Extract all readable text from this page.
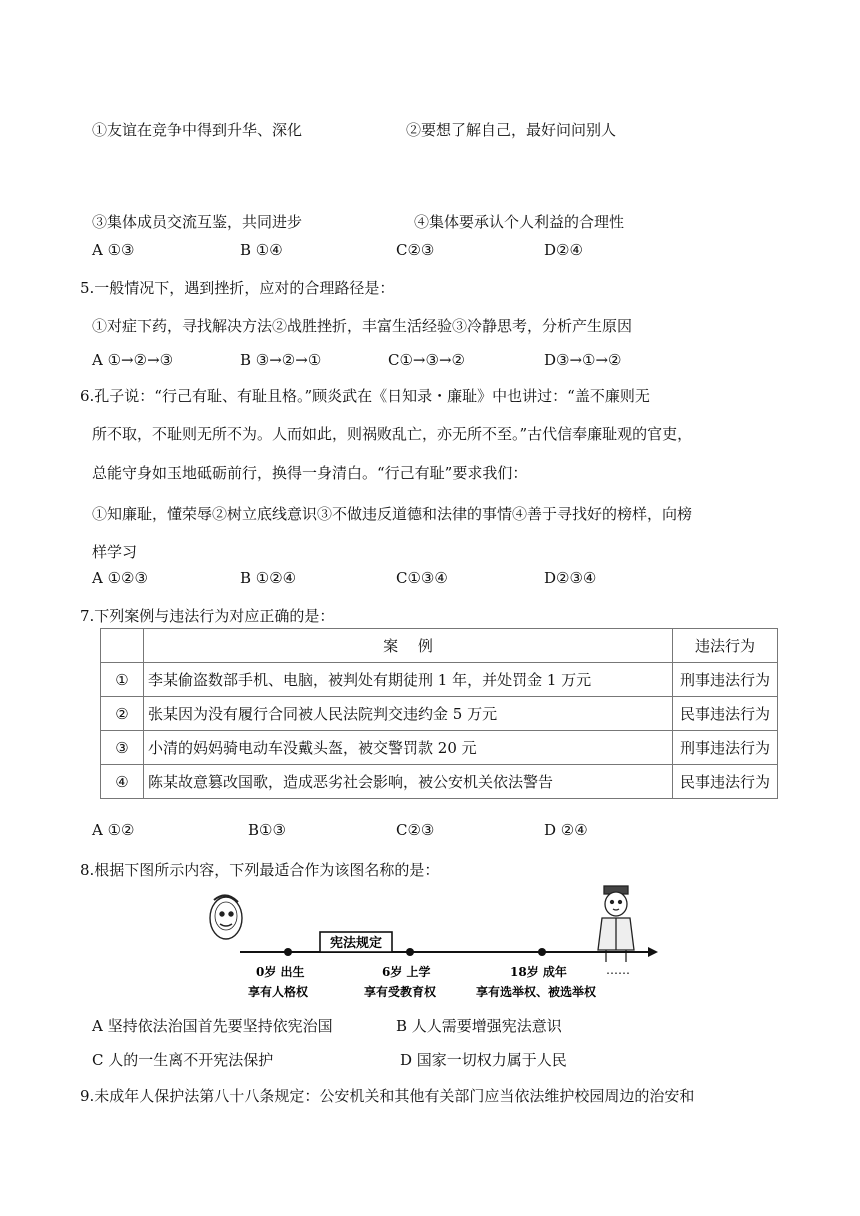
①友谊在竞争中得到升华、深化	②要想了解自己，最好问问别人
③集体成员交流互鉴，共同进步	④集体要承认个人利益的合理性
A ①③	B ①④	C②③	D②④
5.一般情况下，遇到挫折，应对的合理路径是：
①对症下药，寻找解决方法②战胜挫折，丰富生活经验③冷静思考，分析产生原因
A ①→②→③	B ③→②→①	C①→③→②	D③→①→②
6.孔子说：“行己有耻、有耻且格。”顾炎武在《日知录・廉耻》中也讲过：“盖不廉则无
所不取，不耻则无所不为。人而如此，则祸败乱亡，亦无所不至。”古代信奉廉耻观的官吏，
总能守身如玉地砥砺前行，换得一身清白。“行己有耻”要求我们：
①知廉耻，懂荣辱②树立底线意识③不做违反道德和法律的事情④善于寻找好的榜样，向榜
样学习
A ①②③	B ①②④	C①③④	D②③④
7.下列案例与违法行为对应正确的是：
	案　 例	违法行为
①	李某偷盗数部手机、电脑，被判处有期徒刑 1 年，并处罚金 1 万元	刑事违法行为
②	张某因为没有履行合同被人民法院判交违约金 5 万元	民事违法行为
③	小清的妈妈骑电动车没戴头盔，被交警罚款 20 元	刑事违法行为
④	陈某故意篡改国歌，造成恶劣社会影响，被公安机关依法警告	民事违法行为
A ①②	B①③	C②③	D ②④
8.根据下图所示内容，下列最适合作为该图名称的是：
宪法规定
……
0岁 出生
享有人格权
6岁 上学
享有受教育权
18岁 成年
享有选举权、被选举权
A 坚持依法治国首先要坚持依宪治国	B 人人需要增强宪法意识
C 人的一生离不开宪法保护	D 国家一切权力属于人民
9.未成年人保护法第八十八条规定：公安机关和其他有关部门应当依法维护校园周边的治安和
